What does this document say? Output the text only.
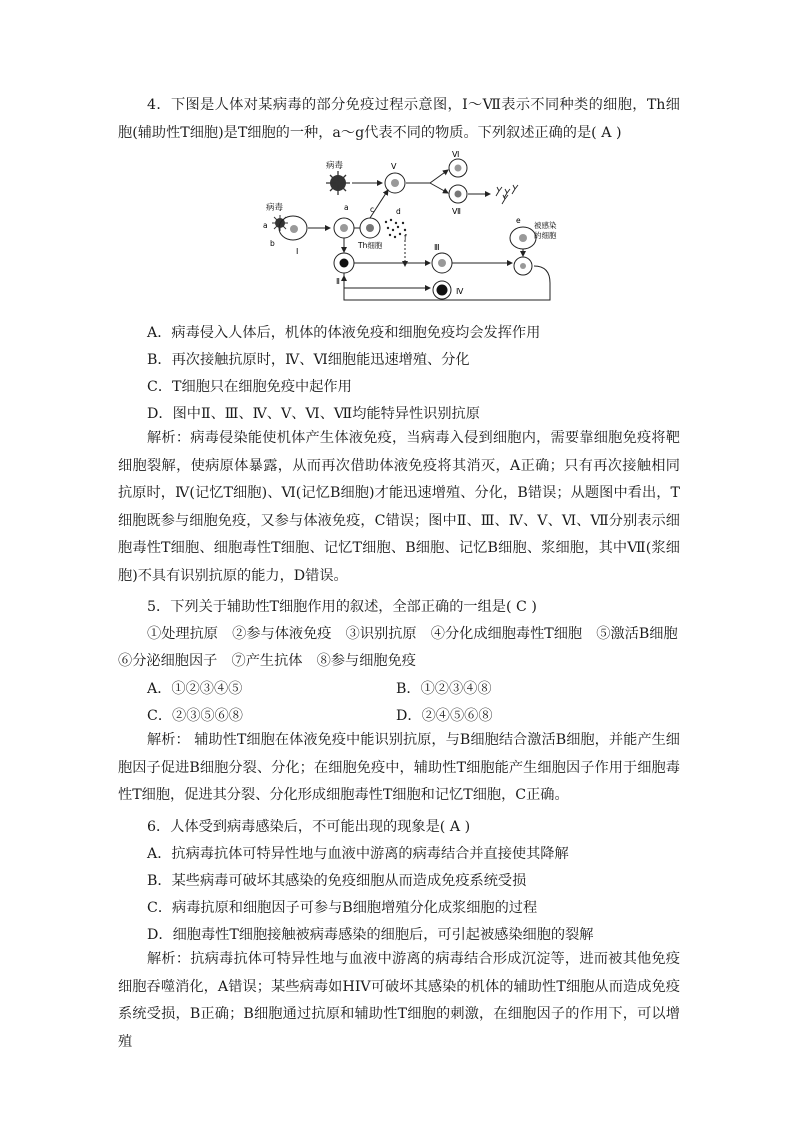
4．下图是人体对某病毒的部分免疫过程示意图，Ⅰ～Ⅶ表示不同种类的细胞，Th细胞(辅助性T细胞)是T细胞的一种，a～g代表不同的物质。下列叙述正确的是( A )

病毒	Ⅴ
Ⅵ
Ⅶ
病毒
a
b
Ⅰ
a	c
Th细胞
d
f
Ⅱ
Ⅲ
Ⅳ
e
被感染
的细胞
A．病毒侵入人体后，机体的体液免疫和细胞免疫均会发挥作用
B．再次接触抗原时，Ⅳ、Ⅵ细胞能迅速增殖、分化
C．T细胞只在细胞免疫中起作用
D．图中Ⅱ、Ⅲ、Ⅳ、Ⅴ、Ⅵ、Ⅶ均能特异性识别抗原

解析：病毒侵染能使机体产生体液免疫，当病毒入侵到细胞内，需要靠细胞免疫将靶细胞裂解，使病原体暴露，从而再次借助体液免疫将其消灭，A正确；只有再次接触相同抗原时，Ⅳ(记忆T细胞)、Ⅵ(记忆B细胞)才能迅速增殖、分化，B错误；从题图中看出，T细胞既参与细胞免疫，又参与体液免疫，C错误；图中Ⅱ、Ⅲ、Ⅳ、Ⅴ、Ⅵ、Ⅶ分别表示细胞毒性T细胞、细胞毒性T细胞、记忆T细胞、B细胞、记忆B细胞、浆细胞，其中Ⅶ(浆细胞)不具有识别抗原的能力，D错误。

5．下列关于辅助性T细胞作用的叙述，全部正确的一组是( C )
①处理抗原　②参与体液免疫　③识别抗原　④分化成细胞毒性T细胞　⑤激活B细胞
⑥分泌细胞因子　⑦产生抗体　⑧参与细胞免疫
A．①②③④⑤	B．①②③④⑧
C．②③⑤⑥⑧	D．②④⑤⑥⑧

解析： 辅助性T细胞在体液免疫中能识别抗原，与B细胞结合激活B细胞，并能产生细胞因子促进B细胞分裂、分化；在细胞免疫中，辅助性T细胞能产生细胞因子作用于细胞毒性T细胞，促进其分裂、分化形成细胞毒性T细胞和记忆T细胞，C正确。

6．人体受到病毒感染后，不可能出现的现象是( A )
A．抗病毒抗体可特异性地与血液中游离的病毒结合并直接使其降解
B．某些病毒可破坏其感染的免疫细胞从而造成免疫系统受损
C．病毒抗原和细胞因子可参与B细胞增殖分化成浆细胞的过程
D．细胞毒性T细胞接触被病毒感染的细胞后，可引起被感染细胞的裂解

解析：抗病毒抗体可特异性地与血液中游离的病毒结合形成沉淀等，进而被其他免疫细胞吞噬消化，A错误；某些病毒如HIV可破坏其感染的机体的辅助性T细胞从而造成免疫系统受损，B正确；B细胞通过抗原和辅助性T细胞的刺激，在细胞因子的作用下，可以增殖
